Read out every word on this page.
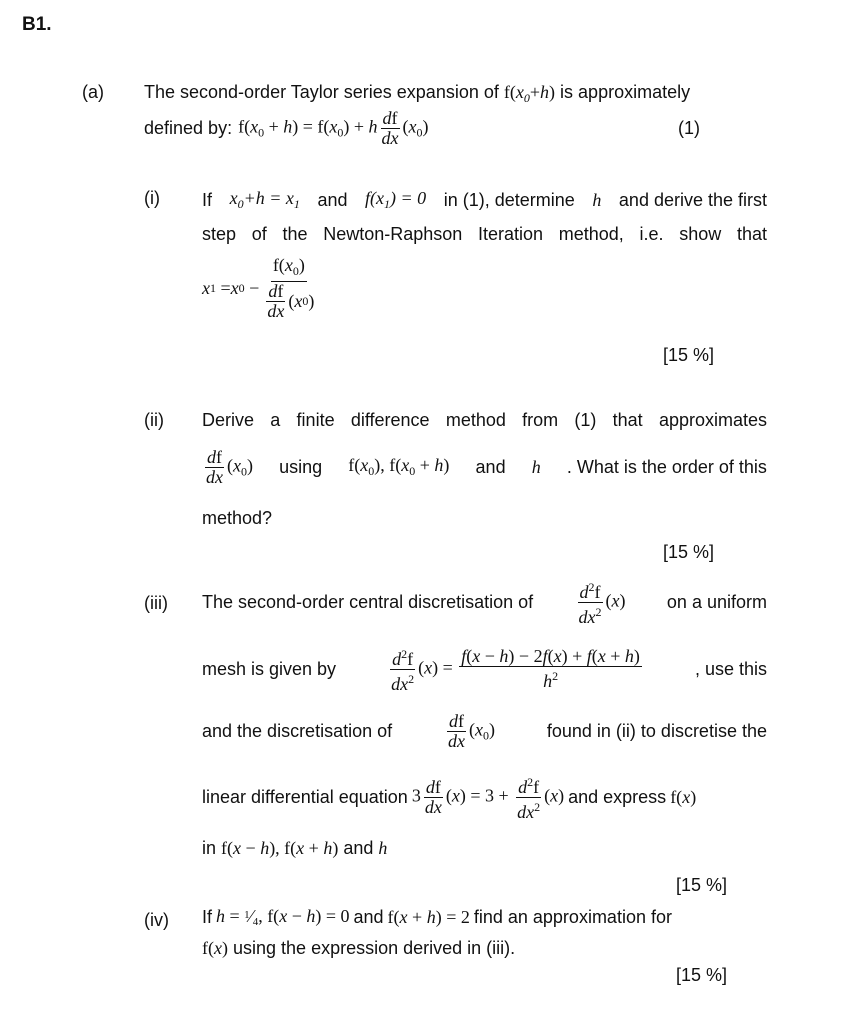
B1.
(a) The second-order Taylor series expansion of $f(x_0+h)$ is approximately
defined by: $f(x_0 + h) = f(x_0) + h \frac{df}{dx} (x_0)$	(1)
(i) If $x_0+h = x_1$ and $f(x_1) = 0$ in (1), determine h and derive the first
step of the Newton-Raphson Iteration method, i.e. show that
x 1 = x $0 - \frac{f(x_0)}{\frac{df}{dx} ( x 0 )}$
[15 %]
(ii) Derive a finite difference method from (1) that approximates
$\frac{df}{dx} (x_0)$ using $f(x_0)$, $f(x_0 + h)$ and h . What is the order of this
method?
[15 %]
(iii) The second-order central discretisation of $\frac{d^2f}{dx^2} (x)$ on a uniform
mesh is given by	$\frac{d^2f}{dx^2} (x) = \frac{f(x - h) - 2f(x) + f(x + h)}{h^2}$	, use this
and the discretisation of	$\frac{df}{dx} (x_0)$	found in (ii) to discretise the
linear differential equation $3 \frac{df}{dx} (x) = 3 + \frac{d^2f}{dx^2} (x)$ and express f(x)
in f(x − h), f(x + h) and h
[15 %]
(iv) If h = $^1$⁄4, f(x − h) = 0 and f(x + h) = 2 find an approximation for
f(x) using the expression derived in (iii).
[15 %]
